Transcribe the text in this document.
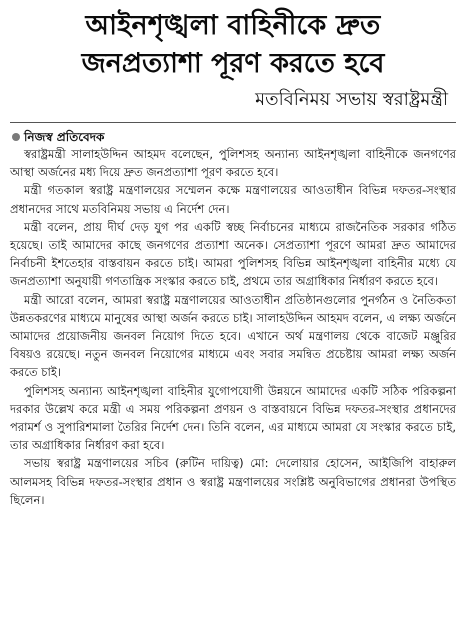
আইনশৃঙ্খলা বাহিনীকে দ্রুত
জনপ্রত্যাশা পূরণ করতে হবে
মতবিনিময় সভায় স্বরাষ্ট্রমন্ত্রী
নিজস্ব প্রতিবেদক

স্বরাষ্ট্রমন্ত্রী সালাহউদ্দিন আহমদ বলেছেন, পুলিশসহ অন্যান্য আইনশৃঙ্খলা বাহিনীকে জনগণের আস্থা অর্জনের মধ্য দিয়ে দ্রুত জনপ্রত্যাশা পূরণ করতে হবে।

মন্ত্রী গতকাল স্বরাষ্ট্র মন্ত্রণালয়ের সম্মেলন কক্ষে মন্ত্রণালয়ের আওতাধীন বিভিন্ন দফতর-সংস্থার প্রধানদের সাথে মতবিনিময় সভায় এ নির্দেশ দেন।

মন্ত্রী বলেন, প্রায় দীর্ঘ দেড় যুগ পর একটি স্বচ্ছ নির্বাচনের মাধ্যমে রাজনৈতিক সরকার গঠিত হয়েছে। তাই আমাদের কাছে জনগণের প্রত্যাশা অনেক। সেপ্রত্যাশা পূরণে আমরা দ্রুত আমাদের নির্বাচনী ইশতেহার বাস্তবায়ন করতে চাই। আমরা পুলিশসহ বিভিন্ন আইনশৃঙ্খলা বাহিনীর মধ্যে যে জনপ্রত্যাশা অনুযায়ী গণতান্ত্রিক সংস্কার করতে চাই, প্রথমে তার অগ্রাধিকার নির্ধারণ করতে হবে।

মন্ত্রী আরো বলেন, আমরা স্বরাষ্ট্র মন্ত্রণালয়ের আওতাধীন প্রতিষ্ঠানগুলোর পুনর্গঠন ও নৈতিকতা উন্নতকরণের মাধ্যমে মানুষের আস্থা অর্জন করতে চাই। সালাহউদ্দিন আহমদ বলেন, এ লক্ষ্য অর্জনে আমাদের প্রয়োজনীয় জনবল নিয়োগ দিতে হবে। এখানে অর্থ মন্ত্রণালয় থেকে বাজেট মঞ্জুরির বিষয়ও রয়েছে। নতুন জনবল নিয়োগের মাধ্যমে এবং সবার সমন্বিত প্রচেষ্টায় আমরা লক্ষ্য অর্জন করতে চাই।

পুলিশসহ অন্যান্য আইনশৃঙ্খলা বাহিনীর যুগোপযোগী উন্নয়নে আমাদের একটি সঠিক পরিকল্পনা দরকার উল্লেখ করে মন্ত্রী এ সময় পরিকল্পনা প্রণয়ন ও বাস্তবায়নে বিভিন্ন দফতর-সংস্থার প্রধানদের পরামর্শ ও সুপারিশমালা তৈরির নির্দেশ দেন। তিনি বলেন, এর মাধ্যমে আমরা যে সংস্কার করতে চাই, তার অগ্রাধিকার নির্ধারণ করা হবে।

সভায় স্বরাষ্ট্র মন্ত্রণালয়ের সচিব (রুটিন দায়িত্ব) মো: দেলোয়ার হোসেন, আইজিপি বাহারুল আলমসহ বিভিন্ন দফতর-সংস্থার প্রধান ও স্বরাষ্ট্র মন্ত্রণালয়ের সংশ্লিষ্ট অনুবিভাগের প্রধানরা উপস্থিত ছিলেন।
